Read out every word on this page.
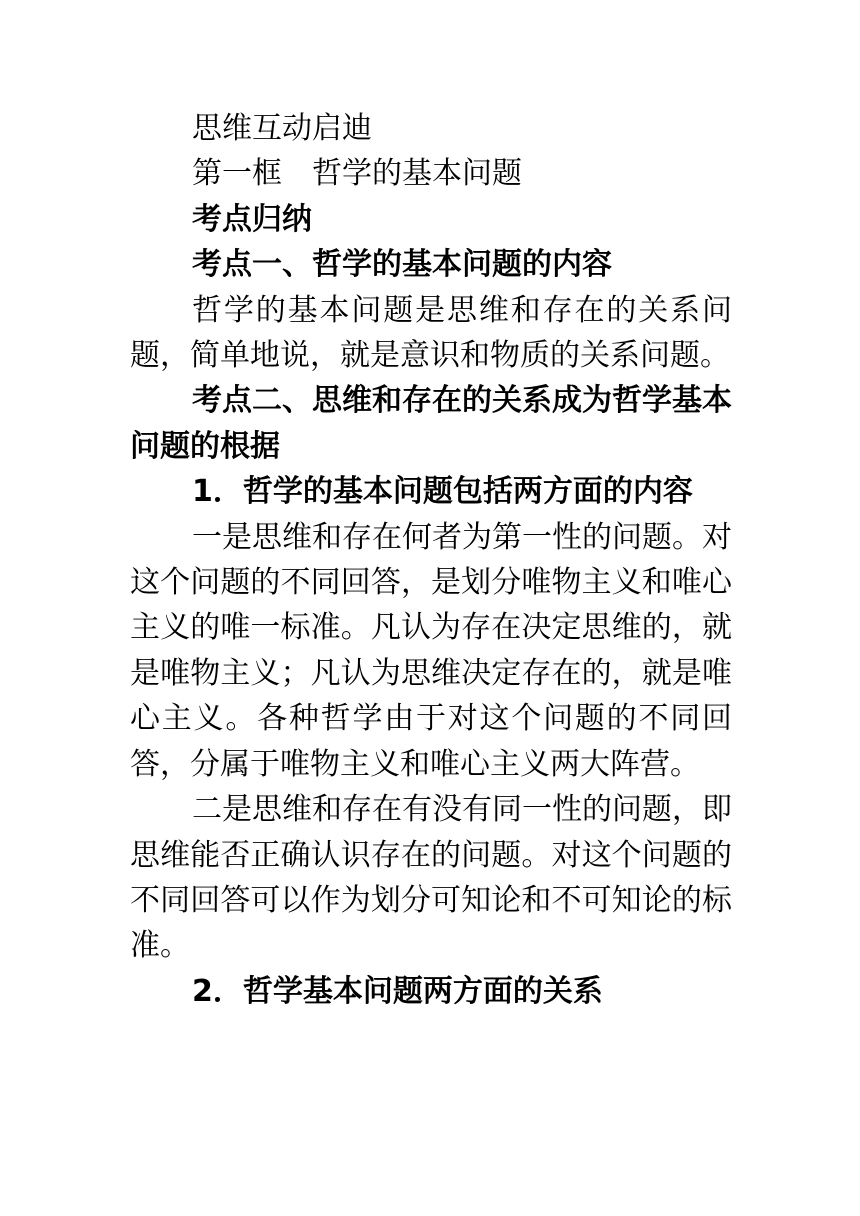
思维互动启迪

第一框　哲学的基本问题

考点归纳

考点一、哲学的基本问题的内容

哲学的基本问题是思维和存在的关系问题，简单地说，就是意识和物质的关系问题。

考点二、思维和存在的关系成为哲学基本问题的根据

1．哲学的基本问题包括两方面的内容

一是思维和存在何者为第一性的问题。对这个问题的不同回答，是划分唯物主义和唯心主义的唯一标准。凡认为存在决定思维的，就是唯物主义；凡认为思维决定存在的，就是唯心主义。各种哲学由于对这个问题的不同回答，分属于唯物主义和唯心主义两大阵营。

二是思维和存在有没有同一性的问题，即思维能否正确认识存在的问题。对这个问题的不同回答可以作为划分可知论和不可知论的标准。

2．哲学基本问题两方面的关系
